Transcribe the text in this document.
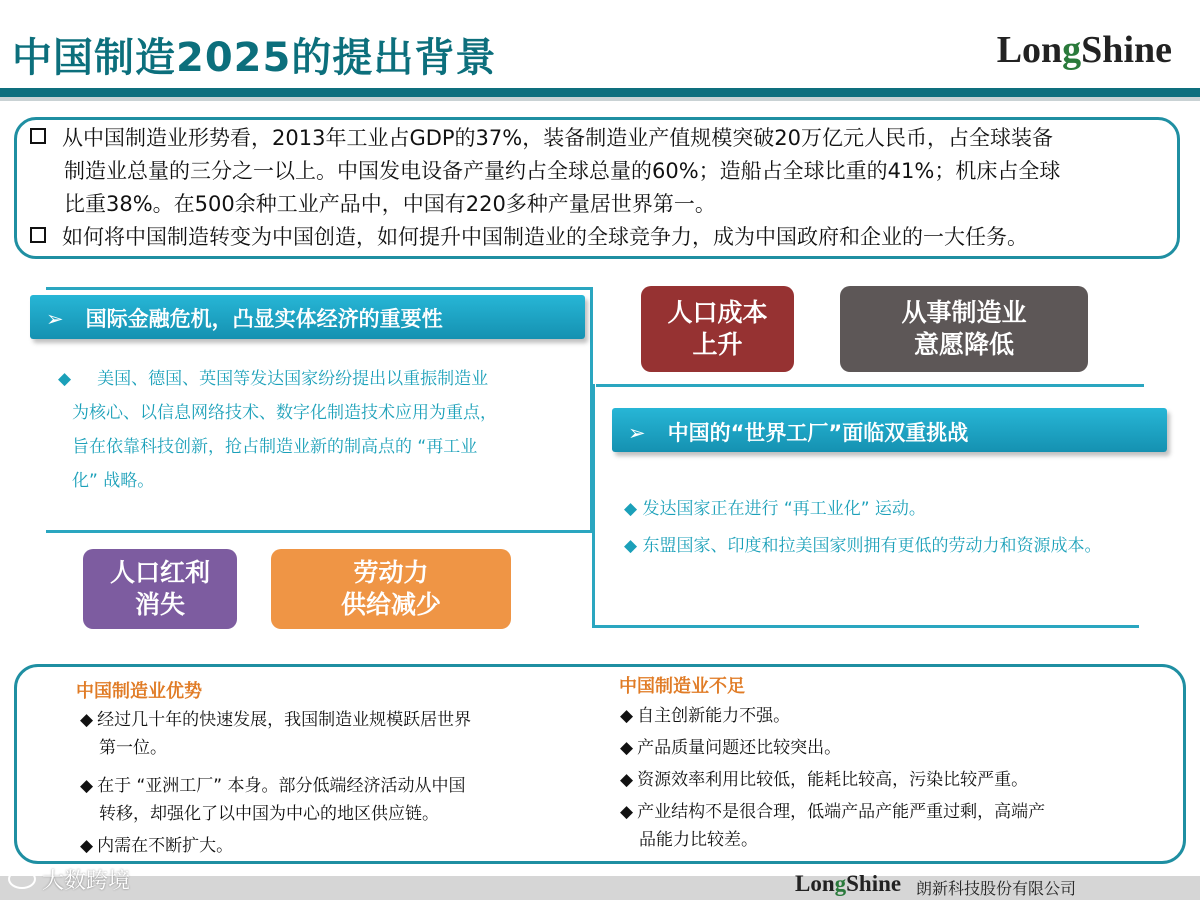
中国制造2025的提出背景	LongShine
从中国制造业形势看，2013年工业占GDP的37%，装备制造业产值规模突破20万亿元人民币，占全球装备
制造业总量的三分之一以上。中国发电设备产量约占全球总量的60%；造船占全球比重的41%；机床占全球
比重38%。在500余种工业产品中，中国有220多种产量居世界第一。
如何将中国制造转变为中国创造，如何提升中国制造业的全球竞争力，成为中国政府和企业的一大任务。
➢ 国际金融危机，凸显实体经济的重要性
◆ 美国、德国、英国等发达国家纷纷提出以重振制造业
为核心、以信息网络技术、数字化制造技术应用为重点，
旨在依靠科技创新，抢占制造业新的制高点的 “再工业
化” 战略。
人口成本
上升
从事制造业
意愿降低
人口红利
消失
劳动力
供给减少
➢ 中国的“世界工厂”面临双重挑战
◆ 发达国家正在进行 “再工业化” 运动。
◆ 东盟国家、印度和拉美国家则拥有更低的劳动力和资源成本。
中国制造业优势
◆ 经过几十年的快速发展，我国制造业规模跃居世界
第一位。
◆ 在于 “亚洲工厂” 本身。部分低端经济活动从中国
转移，却强化了以中国为中心的地区供应链。
◆ 内需在不断扩大。
中国制造业不足
◆ 自主创新能力不强。
◆ 产品质量问题还比较突出。
◆ 资源效率利用比较低，能耗比较高，污染比较严重。
◆ 产业结构不是很合理，低端产品产能严重过剩，高端产
品能力比较差。
大数跨境	LongShine 朗新科技股份有限公司
